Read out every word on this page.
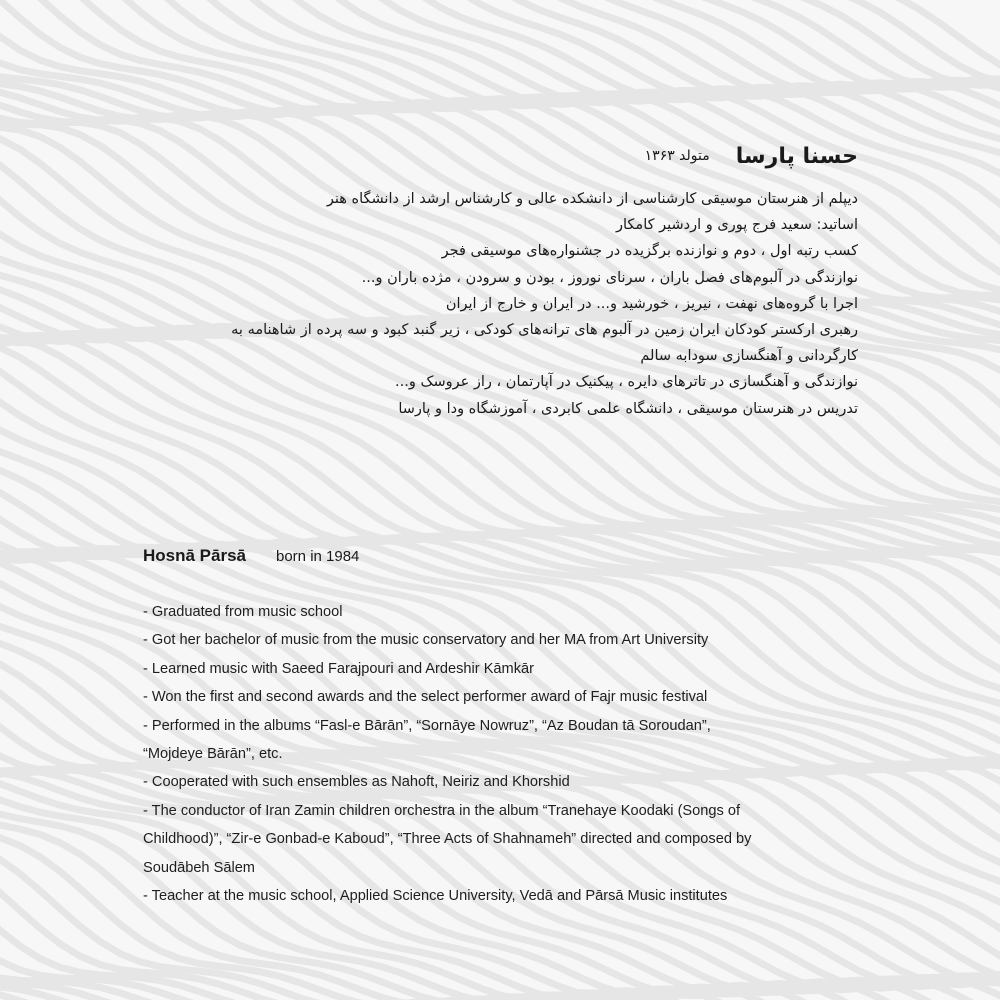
حسنا پارسا
متولد ۱۳۶۳
دیپلم از هنرستان موسیقی کارشناسی از دانشکده عالی و کارشناس ارشد از دانشگاه هنر
اساتید: سعید فرج پوری و اردشیر کامکار
کسب رتبه اول ، دوم و نوازنده برگزیده در جشنواره‌های موسیقی فجر
نوازندگی در آلبوم‌های فصل باران ، سرنای نوروز ، بودن و سرودن ، مژده باران و...
اجرا با گروه‌های نهفت ، نیریز ، خورشید و... در ایران و خارج از ایران
رهبری ارکستر کودکان ایران زمین در آلبوم های ترانه‌های کودکی ، زیر گنبد کبود و سه پرده از شاهنامه به
کارگردانی و آهنگسازی سودابه سالم
نوازندگی و آهنگسازی در تاترهای دایره ، پیکنیک در آپارتمان ، راز عروسک و...
تدریس در هنرستان موسیقی ، دانشگاه علمی کابردی ، آموزشگاه ودا و پارسا
Hosnā Pārsā born in 1984
- Graduated from music school
- Got her bachelor of music from the music conservatory and her MA from Art University
- Learned music with Saeed Farajpouri and Ardeshir Kāmkār
- Won the first and second awards and the select performer award of Fajr music festival
- Performed in the albums “Fasl-e Bārān”, “Sornāye Nowruz”, “Az Boudan tā Soroudan”,
“Mojdeye Bārān”, etc.
- Cooperated with such ensembles as Nahoft, Neiriz and Khorshid
- The conductor of Iran Zamin children orchestra in the album “Tranehaye Koodaki (Songs of
Childhood)”, “Zir-e Gonbad-e Kaboud”, “Three Acts of Shahnameh” directed and composed by
Soudābeh Sālem
- Teacher at the music school, Applied Science University, Vedā and Pārsā Music institutes
